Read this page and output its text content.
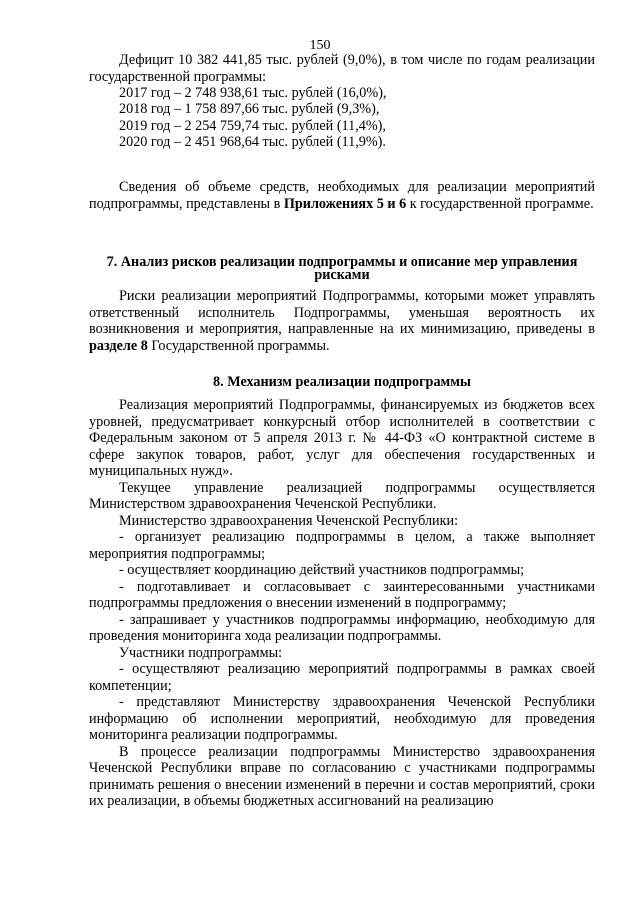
150

Дефицит 10 382 441,85 тыс. рублей (9,0%), в том числе по годам реализации государственной программы:

2017 год – 2 748 938,61 тыс. рублей (16,0%),

2018 год – 1 758 897,66 тыс. рублей (9,3%),

2019 год – 2 254 759,74 тыс. рублей (11,4%),

2020 год – 2 451 968,64 тыс. рублей (11,9%).

Сведения об объеме средств, необходимых для реализации мероприятий подпрограммы, представлены в Приложениях 5 и 6 к государственной программе.

7. Анализ рисков реализации подпрограммы и описание мер управления рисками

Риски реализации мероприятий Подпрограммы, которыми может управлять ответственный исполнитель Подпрограммы, уменьшая вероятность их возникновения и мероприятия, направленные на их минимизацию, приведены в разделе 8 Государственной программы.

8. Механизм реализации подпрограммы

Реализация мероприятий Подпрограммы, финансируемых из бюджетов всех уровней, предусматривает конкурсный отбор исполнителей в соответствии с Федеральным законом от 5 апреля 2013 г. № 44-ФЗ «О контрактной системе в сфере закупок товаров, работ, услуг для обеспечения государственных и муниципальных нужд».

Текущее управление реализацией подпрограммы осуществляется Министерством здравоохранения Чеченской Республики.

Министерство здравоохранения Чеченской Республики:

- организует реализацию подпрограммы в целом, а также выполняет мероприятия подпрограммы;

- осуществляет координацию действий участников подпрограммы;

- подготавливает и согласовывает с заинтересованными участниками подпрограммы предложения о внесении изменений в подпрограмму;

- запрашивает у участников подпрограммы информацию, необходимую для проведения мониторинга хода реализации подпрограммы.

Участники подпрограммы:

- осуществляют реализацию мероприятий подпрограммы в рамках своей компетенции;

- представляют Министерству здравоохранения Чеченской Республики информацию об исполнении мероприятий, необходимую для проведения мониторинга реализации подпрограммы.

В процессе реализации подпрограммы Министерство здравоохранения Чеченской Республики вправе по согласованию с участниками подпрограммы принимать решения о внесении изменений в перечни и состав мероприятий, сроки их реализации, в объемы бюджетных ассигнований на реализацию
